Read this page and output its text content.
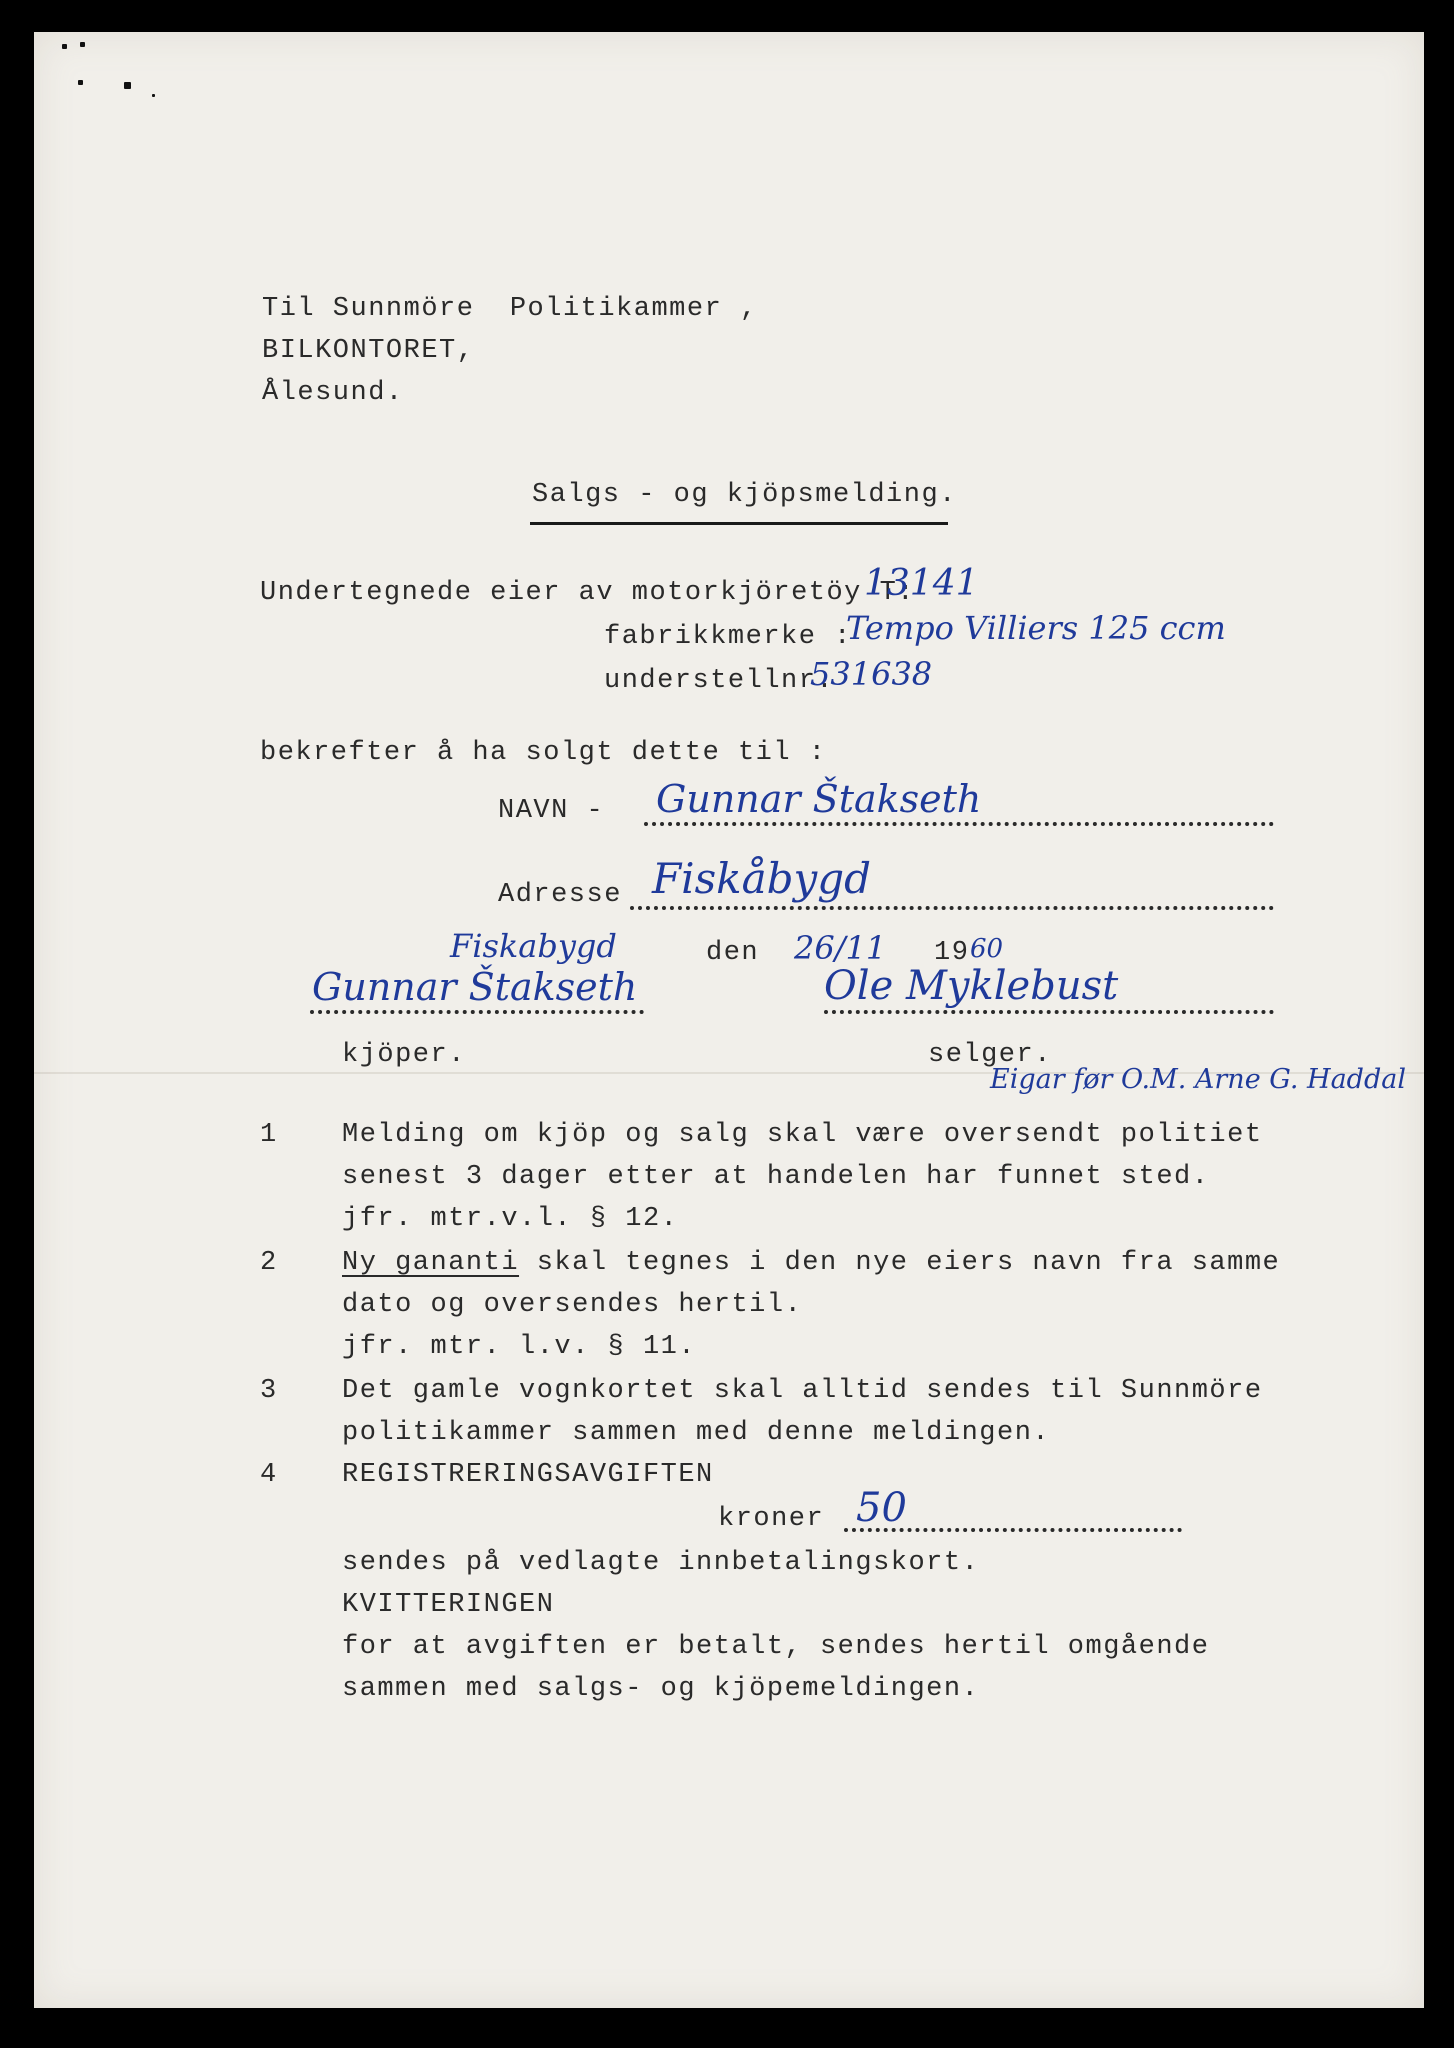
Til Sunnmöre  Politikammer ,
BILKONTORET,
Ålesund.
Salgs - og kjöpsmelding.
Undertegnede eier av motorkjöretöy T:
13141
fabrikkmerke :
Tempo Villiers 125 ccm
understellnr.
531638
bekrefter å ha solgt dette til :
NAVN - Gunnar Štakseth
Adresse Fiskåbygd
Fiskabygd	den 26/11 19 60
Gunnar Štakseth	Ole Myklebust
kjöper.	selger.
Eigar før O.M. Arne G. Haddal
1 Melding om kjöp og salg skal være oversendt politiet
senest 3 dager etter at handelen har funnet sted.
jfr. mtr.v.l. § 12.
2 Ny gananti skal tegnes i den nye eiers navn fra samme
dato og oversendes hertil.
jfr. mtr. l.v. § 11.
3 Det gamle vognkortet skal alltid sendes til Sunnmöre
politikammer sammen med denne meldingen.
4 REGISTRERINGSAVGIFTEN
kroner 50
sendes på vedlagte innbetalingskort.
KVITTERINGEN
for at avgiften er betalt, sendes hertil omgående
sammen med salgs- og kjöpemeldingen.
